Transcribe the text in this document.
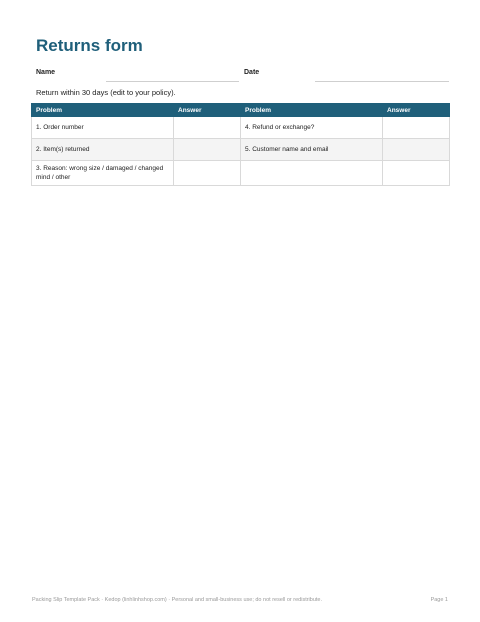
Returns form
Name	Date
Return within 30 days (edit to your policy).
Problem	Answer	Problem	Answer
1. Order number		4. Refund or exchange?	
2. Item(s) returned		5. Customer name and email	
3. Reason: wrong size / damaged / changed mind / other			
Packing Slip Template Pack · Kedop (linhlinhshop.com) · Personal and small-business use; do not resell or redistribute.	Page 1
